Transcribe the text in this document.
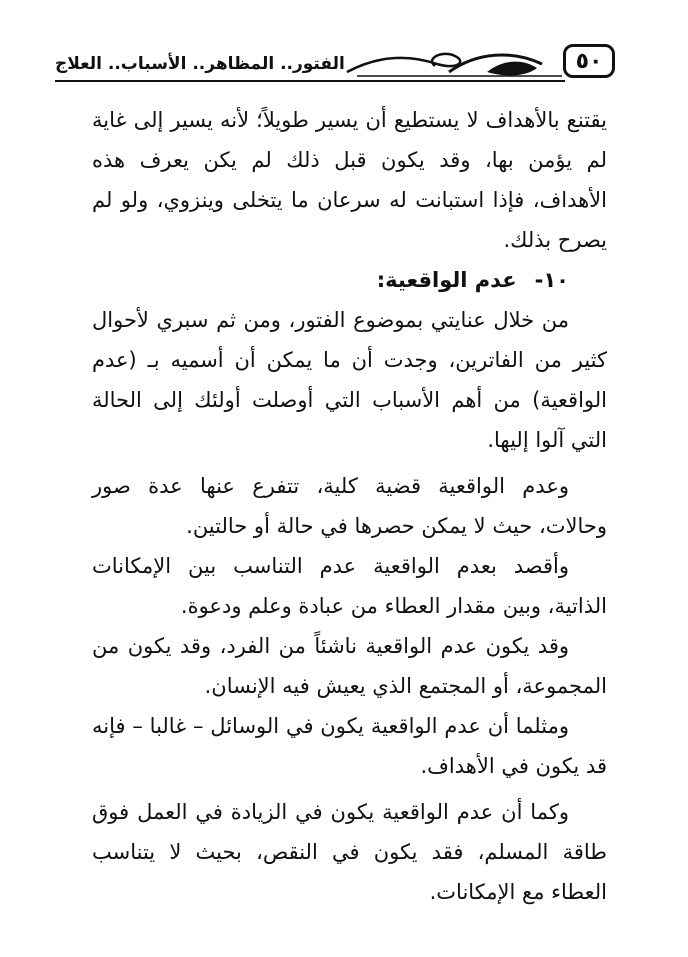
الفتور.. المظاهر.. الأسباب.. العلاج	٥٠

يقتنع بالأهداف لا يستطيع أن يسير طويلاً؛ لأنه يسير إلى غاية لم يؤمن بها، وقد يكون قبل ذلك لم يكن يعرف هذه الأهداف، فإذا استبانت له سرعان ما يتخلى وينزوي، ولو لم يصرح بذلك.

١٠-عدم الواقعية:

من خلال عنايتي بموضوع الفتور، ومن ثم سبري لأحوال كثير من الفاترين، وجدت أن ما يمكن أن أسميه بـ (عدم الواقعية) من أهم الأسباب التي أوصلت أولئك إلى الحالة التي آلوا إليها.

وعدم الواقعية قضية كلية، تتفرع عنها عدة صور وحالات، حيث لا يمكن حصرها في حالة أو حالتين.

وأقصد بعدم الواقعية عدم التناسب بين الإمكانات الذاتية، وبين مقدار العطاء من عبادة وعلم ودعوة.

وقد يكون عدم الواقعية ناشئاً من الفرد، وقد يكون من المجموعة، أو المجتمع الذي يعيش فيه الإنسان.

ومثلما أن عدم الواقعية يكون في الوسائل – غالبا – فإنه قد يكون في الأهداف.

وكما أن عدم الواقعية يكون في الزيادة في العمل فوق طاقة المسلم، فقد يكون في النقص، بحيث لا يتناسب العطاء مع الإمكانات.
